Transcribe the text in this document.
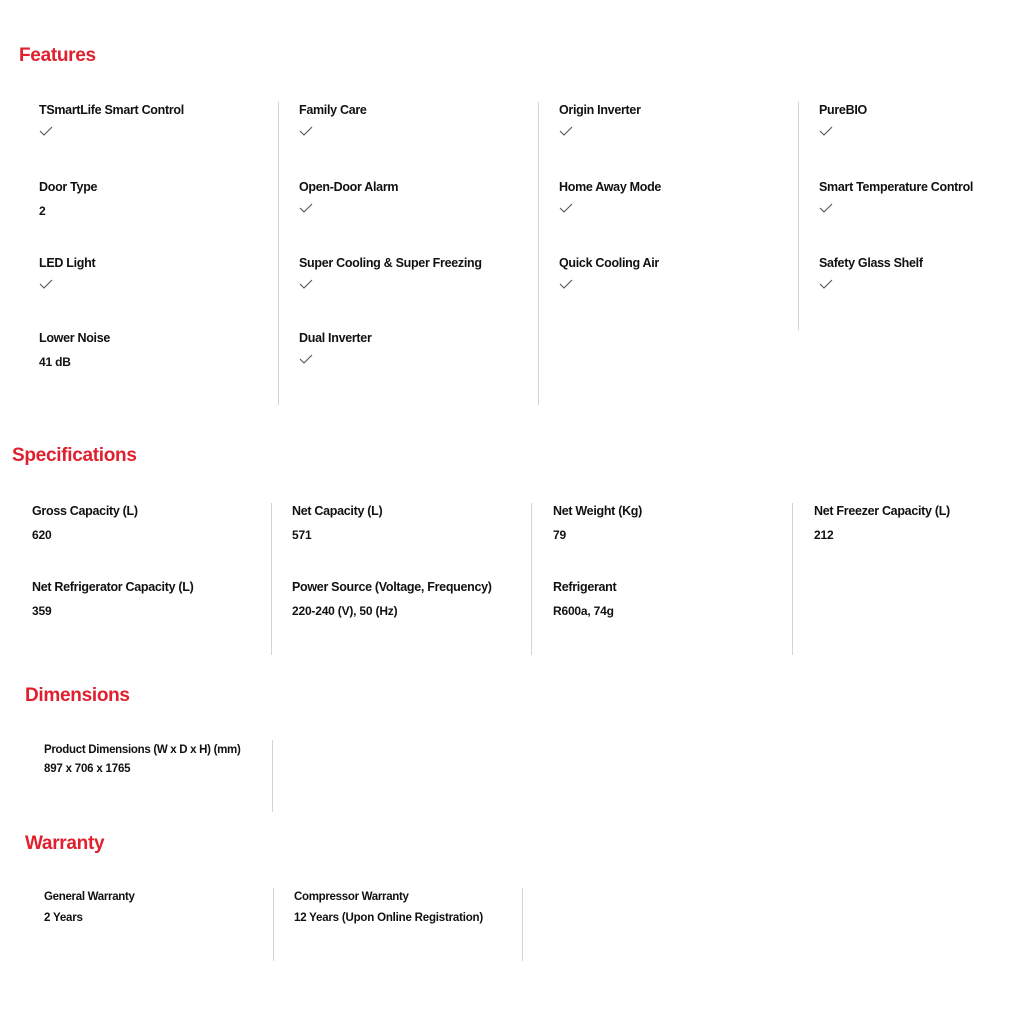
Features
TSmartLife Smart Control
Door Type
2
LED Light
Lower Noise
41 dB
Family Care
Open-Door Alarm
Super Cooling & Super Freezing
Dual Inverter
Origin Inverter
Home Away Mode
Quick Cooling Air
PureBIO
Smart Temperature Control
Safety Glass Shelf
Specifications
Gross Capacity (L)
620
Net Refrigerator Capacity (L)
359
Net Capacity (L)
571
Power Source (Voltage, Frequency)
220-240 (V), 50 (Hz)
Net Weight (Kg)
79
Refrigerant
R600a, 74g
Net Freezer Capacity (L)
212
Dimensions
Product Dimensions (W x D x H) (mm)
897 x 706 x 1765
Warranty
General Warranty
2 Years
Compressor Warranty
12 Years (Upon Online Registration)
